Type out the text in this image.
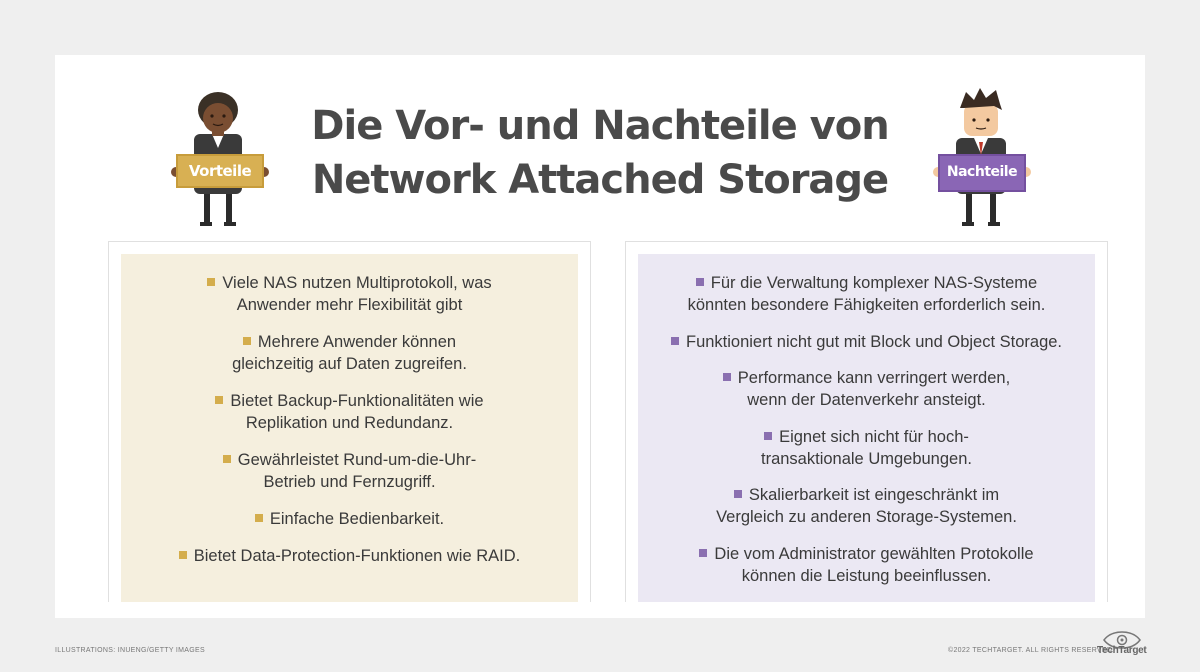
Vorteile	Nachteile
Die Vor- und Nachteile von
Network Attached Storage
Viele NAS nutzen Multiprotokoll, was
Anwender mehr Flexibilität gibt
Mehrere Anwender können
gleichzeitig auf Daten zugreifen.
Bietet Backup-Funktionalitäten wie
Replikation und Redundanz.
Gewährleistet Rund-um-die-Uhr-
Betrieb und Fernzugriff.
Einfache Bedienbarkeit.
Bietet Data-Protection-Funktionen wie RAID.
Für die Verwaltung komplexer NAS-Systeme
könnten besondere Fähigkeiten erforderlich sein.
Funktioniert nicht gut mit Block und Object Storage.
Performance kann verringert werden,
wenn der Datenverkehr ansteigt.
Eignet sich nicht für hoch-
transaktionale Umgebungen.
Skalierbarkeit ist eingeschränkt im
Vergleich zu anderen Storage-Systemen.
Die vom Administrator gewählten Protokolle
können die Leistung beeinflussen.
ILLUSTRATIONS: INUENG/GETTY IMAGES	©2022 TECHTARGET. ALL RIGHTS RESERVED
TechTarget
